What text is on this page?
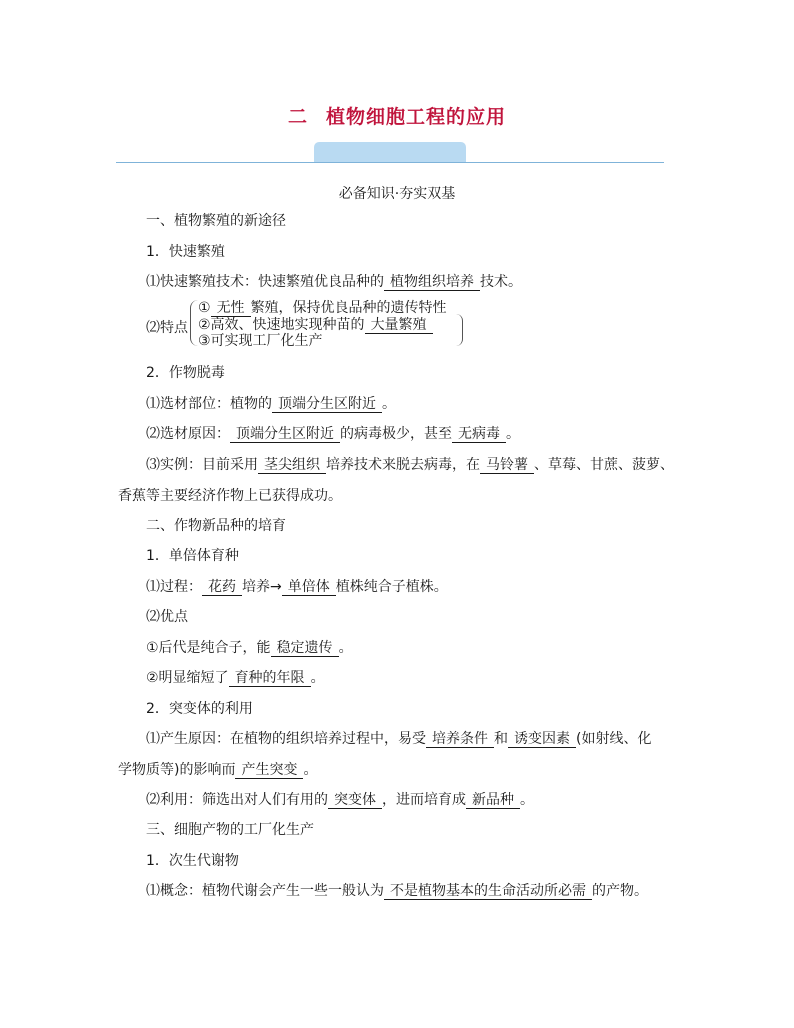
二 植物细胞工程的应用
必备知识·夯实双基
一、植物繁殖的新途径
1．快速繁殖
⑴快速繁殖技术：快速繁殖优良品种的 植物组织培养 技术。
⑵特点
① 无性 繁殖，保持优良品种的遗传特性
②高效、快速地实现种苗的 大量繁殖
③可实现工厂化生产
2．作物脱毒
⑴选材部位：植物的 顶端分生区附近 。
⑵选材原因： 顶端分生区附近 的病毒极少，甚至 无病毒 。
⑶实例：目前采用 茎尖组织 培养技术来脱去病毒，在 马铃薯 、草莓、甘蔗、菠萝、
香蕉等主要经济作物上已获得成功。
二、作物新品种的培育
1．单倍体育种
⑴过程： 花药 培养→ 单倍体 植株纯合子植株。
⑵优点
①后代是纯合子，能 稳定遗传 。
②明显缩短了 育种的年限 。
2．突变体的利用
⑴产生原因：在植物的组织培养过程中，易受 培养条件 和 诱变因素 (如射线、化
学物质等)的影响而 产生突变 。
⑵利用：筛选出对人们有用的 突变体 ，进而培育成 新品种 。
三、细胞产物的工厂化生产
1．次生代谢物
⑴概念：植物代谢会产生一些一般认为 不是植物基本的生命活动所必需 的产物。
